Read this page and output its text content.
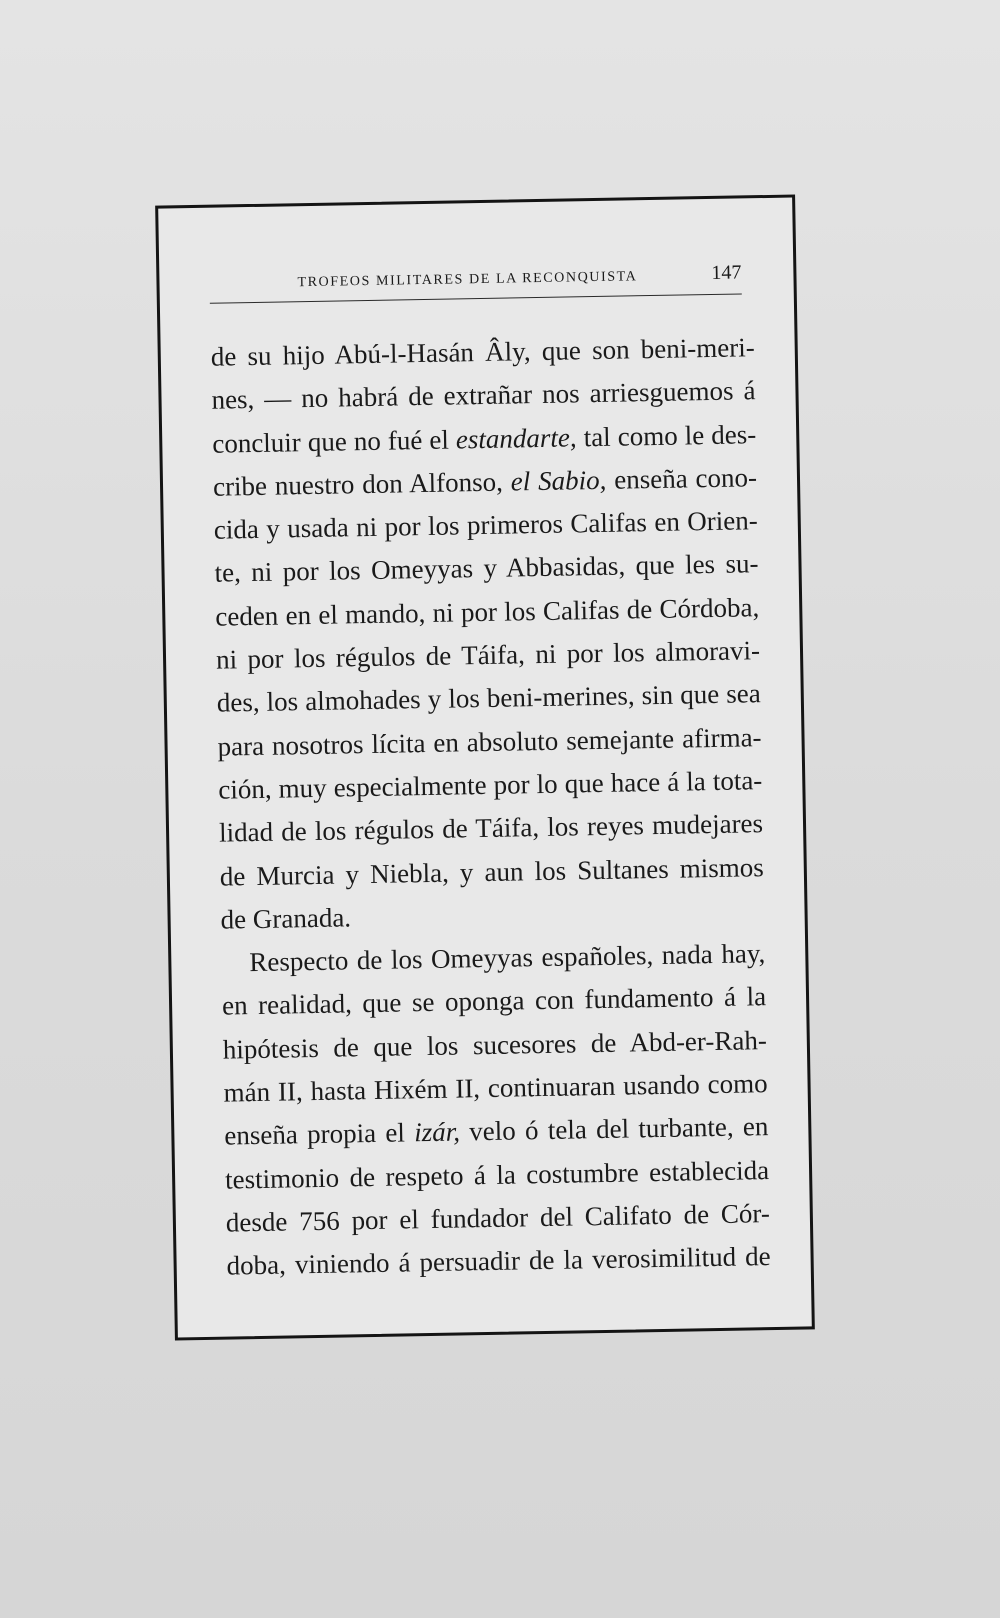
TROFEOS MILITARES DE LA RECONQUISTA	147
de su hijo Abú-l-Hasán Âly, que son beni-meri-
nes, — no habrá de extrañar nos arriesguemos á
concluir que no fué el estandarte, tal como le des-
cribe nuestro don Alfonso, el Sabio, enseña cono-
cida y usada ni por los primeros Califas en Orien-
te, ni por los Omeyyas y Abbasidas, que les su-
ceden en el mando, ni por los Califas de Córdoba,
ni por los régulos de Táifa, ni por los almoravi-
des, los almohades y los beni-merines, sin que sea
para nosotros lícita en absoluto semejante afirma-
ción, muy especialmente por lo que hace á la tota-
lidad de los régulos de Táifa, los reyes mudejares
de Murcia y Niebla, y aun los Sultanes mismos
de Granada.
Respecto de los Omeyyas españoles, nada hay,
en realidad, que se oponga con fundamento á la
hipótesis de que los sucesores de Abd-er-Rah-
mán II, hasta Hixém II, continuaran usando como
enseña propia el izár, velo ó tela del turbante, en
testimonio de respeto á la costumbre establecida
desde 756 por el fundador del Califato de Cór-
doba, viniendo á persuadir de la verosimilitud de
